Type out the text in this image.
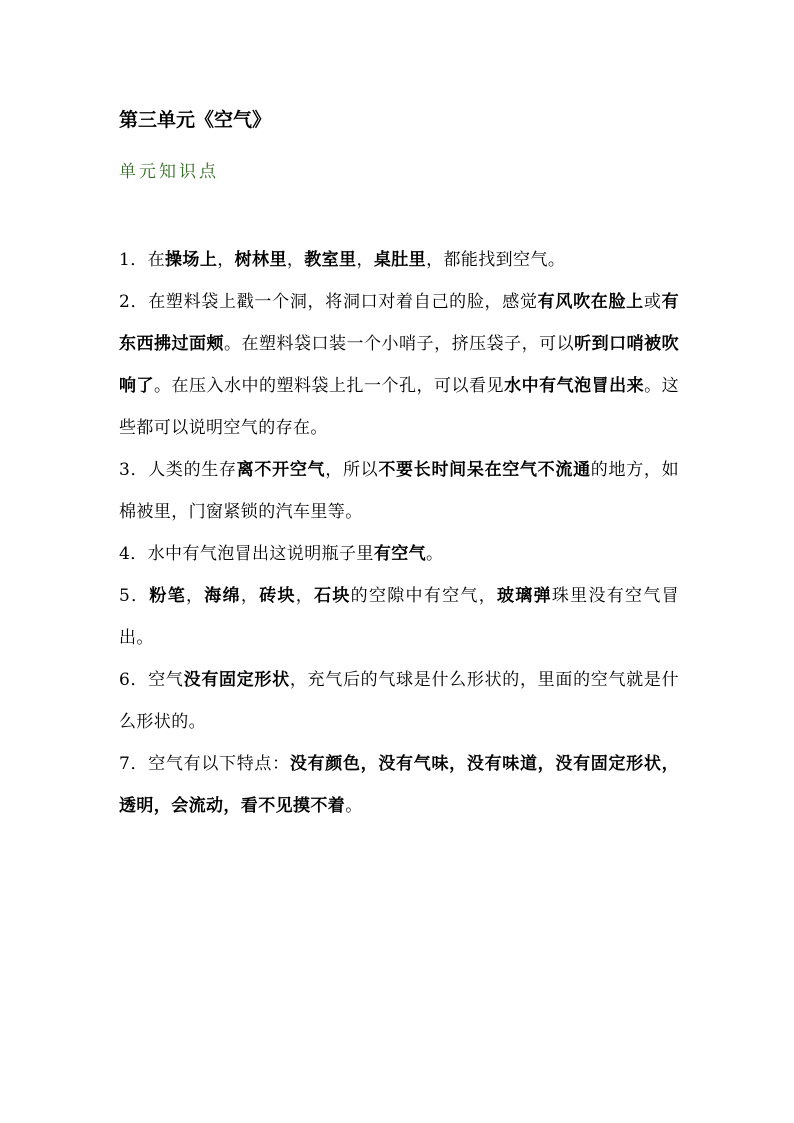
第三单元《空气》

单元知识点

1．在操场上，树林里，教室里，桌肚里，都能找到空气。

2．在塑料袋上戳一个洞，将洞口对着自己的脸，感觉有风吹在脸上或有东西拂过面颊。在塑料袋口装一个小哨子，挤压袋子，可以听到口哨被吹响了。在压入水中的塑料袋上扎一个孔，可以看见水中有气泡冒出来。这些都可以说明空气的存在。

3．人类的生存离不开空气，所以不要长时间呆在空气不流通的地方，如棉被里，门窗紧锁的汽车里等。

4．水中有气泡冒出这说明瓶子里有空气。

5．粉笔，海绵，砖块，石块的空隙中有空气，玻璃弹珠里没有空气冒出。

6．空气没有固定形状，充气后的气球是什么形状的，里面的空气就是什么形状的。

7．空气有以下特点：没有颜色，没有气味，没有味道，没有固定形状，透明，会流动，看不见摸不着。
